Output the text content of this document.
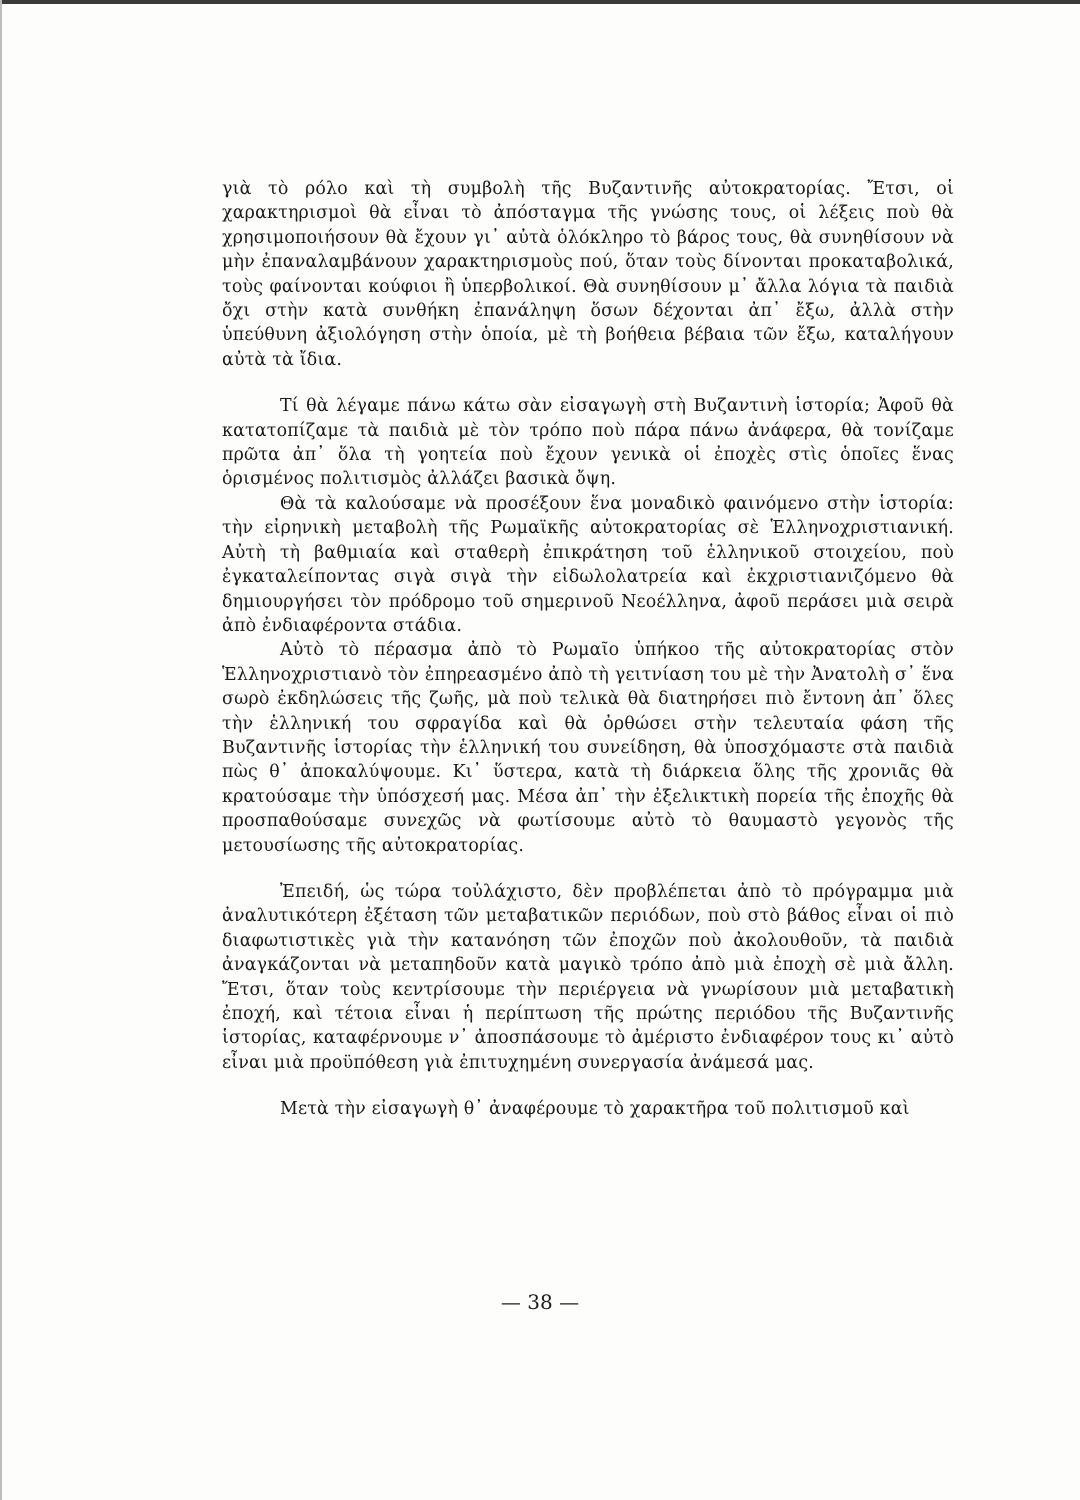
γιὰ τὸ ρόλο καὶ τὴ συμβολὴ τῆς Βυζαντινῆς αὐτοκρατορίας. Ἔτσι, οἱ χαρακτηρισμοὶ θὰ εἶναι τὸ ἀπόσταγμα τῆς γνώσης τους, οἱ λέξεις ποὺ θὰ χρησιμοποιήσουν θὰ ἔχουν γι᾽ αὐτὰ ὁλόκληρο τὸ βάρος τους, θὰ συνηθίσουν νὰ μὴν ἐπαναλαμβάνουν χαρακτηρισμοὺς πού, ὅταν τοὺς δίνονται προκαταβολικά, τοὺς φαίνονται κούφιοι ἢ ὑπερβολικοί. Θὰ συνηθίσουν μ᾽ ἄλλα λόγια τὰ παιδιὰ ὄχι στὴν κατὰ συνθήκη ἐπανάληψη ὅσων δέχονται ἀπ᾽ ἔξω, ἀλλὰ στὴν ὑπεύθυνη ἀξιολόγηση στὴν ὁποία, μὲ τὴ βοήθεια βέβαια τῶν ἔξω, καταλήγουν αὐτὰ τὰ ἴδια.

Τί θὰ λέγαμε πάνω κάτω σὰν εἰσαγωγὴ στὴ Βυζαντινὴ ἱστορία; Ἀφοῦ θὰ κατατοπίζαμε τὰ παιδιὰ μὲ τὸν τρόπο ποὺ πάρα πάνω ἀνάφερα, θὰ τονίζαμε πρῶτα ἀπ᾽ ὅλα τὴ γοητεία ποὺ ἔχουν γενικὰ οἱ ἐποχὲς στὶς ὁποῖες ἕνας ὁρισμένος πολιτισμὸς ἀλλάζει βασικὰ ὄψη.

Θὰ τὰ καλούσαμε νὰ προσέξουν ἕνα μοναδικὸ φαινόμενο στὴν ἱστορία: τὴν εἰρηνικὴ μεταβολὴ τῆς Ρωμαϊκῆς αὐτοκρατορίας σὲ Ἑλληνοχριστιανική. Αὐτὴ τὴ βαθμιαία καὶ σταθερὴ ἐπικράτηση τοῦ ἑλληνικοῦ στοιχείου, ποὺ ἐγκαταλείποντας σιγὰ σιγὰ τὴν εἰδωλολατρεία καὶ ἐκχριστιανιζόμενο θὰ δημιουργήσει τὸν πρόδρομο τοῦ σημερινοῦ Νεοέλληνα, ἀφοῦ περάσει μιὰ σειρὰ ἀπὸ ἐνδιαφέροντα στάδια.

Αὐτὸ τὸ πέρασμα ἀπὸ τὸ Ρωμαῖο ὑπήκοο τῆς αὐτοκρατορίας στὸν Ἑλληνοχριστιανὸ τὸν ἐπηρεασμένο ἀπὸ τὴ γειτνίαση του μὲ τὴν Ἀνατολὴ σ᾽ ἕνα σωρὸ ἐκδηλώσεις τῆς ζωῆς, μὰ ποὺ τελικὰ θὰ διατηρήσει πιὸ ἔντονη ἀπ᾽ ὅλες τὴν ἑλληνική του σφραγίδα καὶ θὰ ὀρθώσει στὴν τελευταία φάση τῆς Βυζαντινῆς ἱστορίας τὴν ἑλληνική του συνείδηση, θὰ ὑποσχόμαστε στὰ παιδιὰ πὼς θ᾽ ἀποκαλύψουμε. Κι᾽ ὕστερα, κατὰ τὴ διάρκεια ὅλης τῆς χρονιᾶς θὰ κρατούσαμε τὴν ὑπόσχεσή μας. Μέσα ἀπ᾽ τὴν ἐξελικτικὴ πορεία τῆς ἐποχῆς θὰ προσπαθούσαμε συνεχῶς νὰ φωτίσουμε αὐτὸ τὸ θαυμαστὸ γεγονὸς τῆς μετουσίωσης τῆς αὐτοκρατορίας.

Ἐπειδή, ὡς τώρα τοὐλάχιστο, δὲν προβλέπεται ἀπὸ τὸ πρόγραμμα μιὰ ἀναλυτικότερη ἐξέταση τῶν μεταβατικῶν περιόδων, ποὺ στὸ βάθος εἶναι οἱ πιὸ διαφωτιστικὲς γιὰ τὴν κατανόηση τῶν ἐποχῶν ποὺ ἀκολουθοῦν, τὰ παιδιὰ ἀναγκάζονται νὰ μεταπηδοῦν κατὰ μαγικὸ τρόπο ἀπὸ μιὰ ἐποχὴ σὲ μιὰ ἄλλη. Ἔτσι, ὅταν τοὺς κεντρίσουμε τὴν περιέργεια νὰ γνωρίσουν μιὰ μεταβατικὴ ἐποχή, καὶ τέτοια εἶναι ἡ περίπτωση τῆς πρώτης περιόδου τῆς Βυζαντινῆς ἱστορίας, καταφέρνουμε ν᾽ ἀποσπάσουμε τὸ ἀμέριστο ἐνδιαφέρον τους κι᾽ αὐτὸ εἶναι μιὰ προϋπόθεση γιὰ ἐπιτυχημένη συνεργασία ἀνάμεσά μας.

Μετὰ τὴν εἰσαγωγὴ θ᾽ ἀναφέρουμε τὸ χαρακτῆρα τοῦ πολιτισμοῦ καὶ

— 38 —
